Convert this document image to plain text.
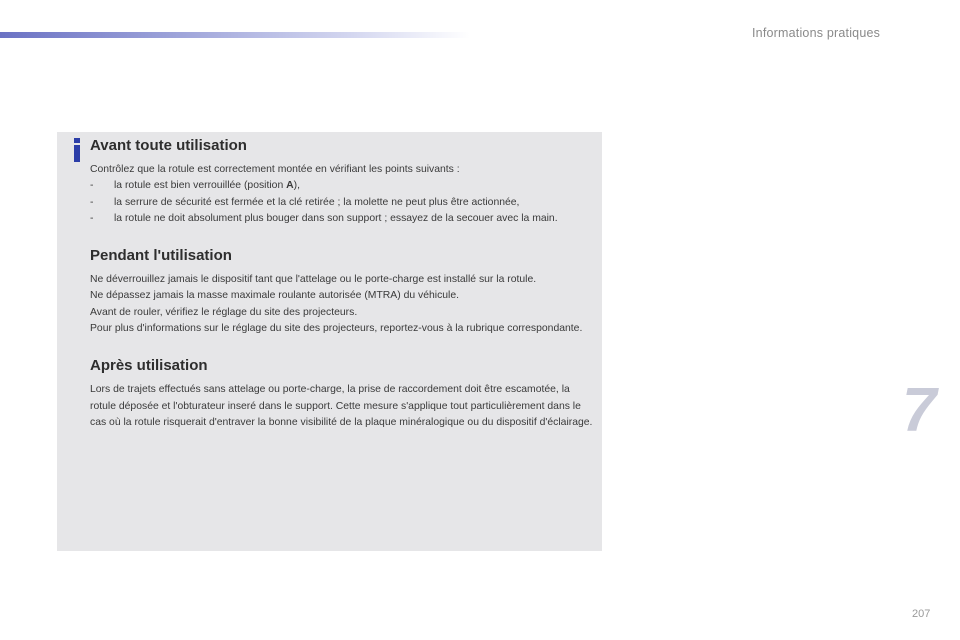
Informations pratiques
7
207
Avant toute utilisation

Contrôlez que la rotule est correctement montée en vérifiant les points suivants :

- la rotule est bien verrouillée (position A),
- la serrure de sécurité est fermée et la clé retirée ; la molette ne peut plus être actionnée,
- la rotule ne doit absolument plus bouger dans son support ; essayez de la secouer avec la main.
Pendant l'utilisation

Ne déverrouillez jamais le dispositif tant que l'attelage ou le porte-charge est installé sur la rotule.

Ne dépassez jamais la masse maximale roulante autorisée (MTRA) du véhicule.

Avant de rouler, vérifiez le réglage du site des projecteurs.

Pour plus d'informations sur le réglage du site des projecteurs, reportez-vous à la rubrique correspondante.

Après utilisation

Lors de trajets effectués sans attelage ou porte-charge, la prise de raccordement doit être escamotée, la rotule déposée et l'obturateur inseré dans le support. Cette mesure s'applique tout particulièrement dans le cas où la rotule risquerait d'entraver la bonne visibilité de la plaque minéralogique ou du dispositif d'éclairage.
